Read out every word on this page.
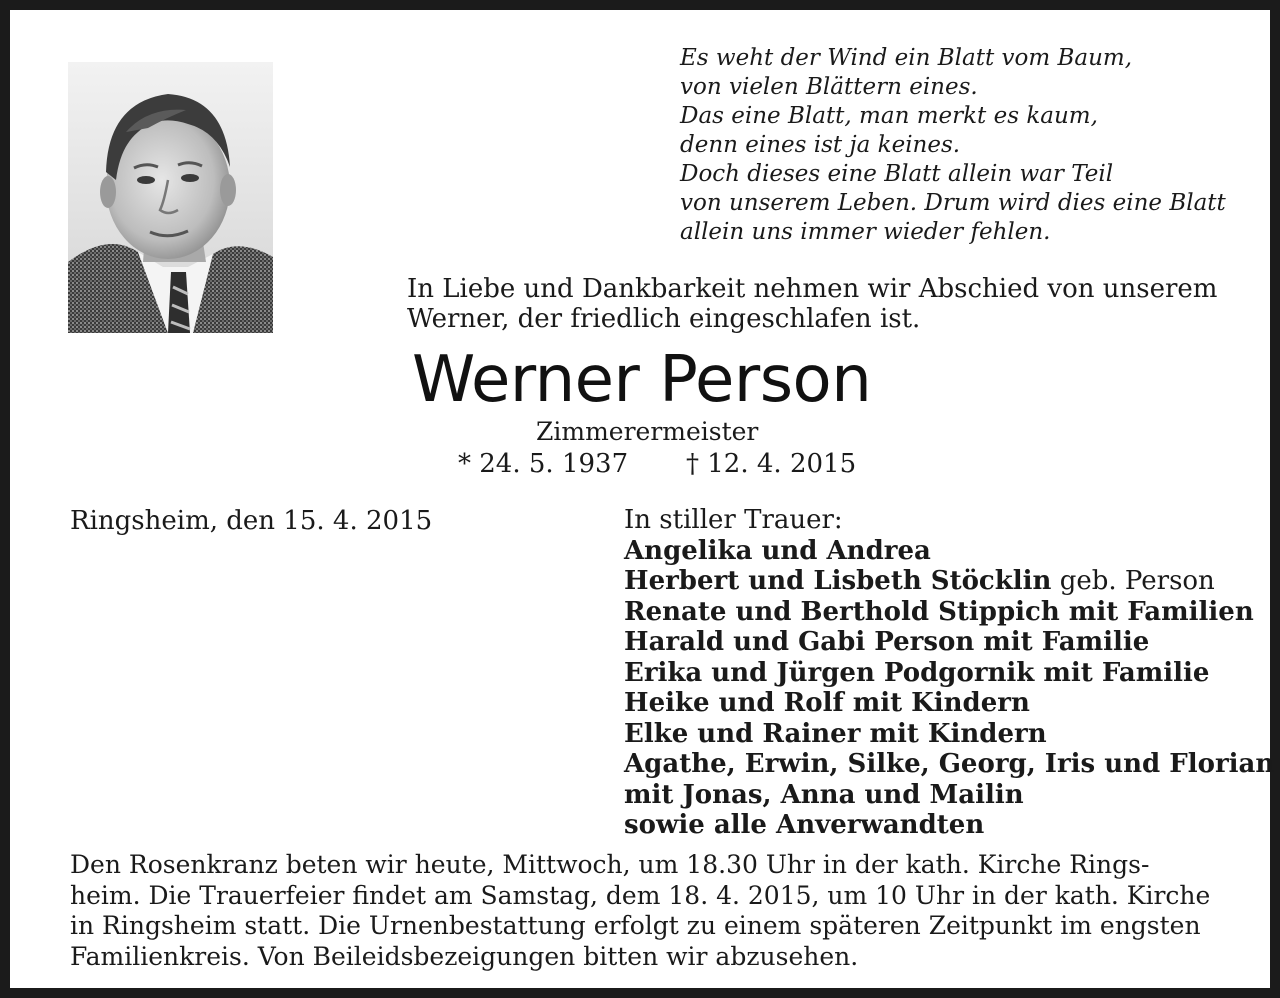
Es weht der Wind ein Blatt vom Baum,
von vielen Blättern eines.
Das eine Blatt, man merkt es kaum,
denn eines ist ja keines.
Doch dieses eine Blatt allein war Teil
von unserem Leben. Drum wird dies eine Blatt
allein uns immer wieder fehlen.
In Liebe und Dankbarkeit nehmen wir Abschied von unserem
Werner, der friedlich eingeschlafen ist.
Werner Person
Zimmerermeister
* 24. 5. 1937 † 12. 4. 2015
Ringsheim, den 15. 4. 2015	In stiller Trauer:
Angelika und Andrea
Herbert und Lisbeth Stöcklin geb. Person
Renate und Berthold Stippich mit Familien
Harald und Gabi Person mit Familie
Erika und Jürgen Podgornik mit Familie
Heike und Rolf mit Kindern
Elke und Rainer mit Kindern
Agathe, Erwin, Silke, Georg, Iris und Florian
mit Jonas, Anna und Mailin
sowie alle Anverwandten
Den Rosenkranz beten wir heute, Mittwoch, um 18.30 Uhr in der kath. Kirche Rings-
heim. Die Trauerfeier findet am Samstag, dem 18. 4. 2015, um 10 Uhr in der kath. Kirche
in Ringsheim statt. Die Urnenbestattung erfolgt zu einem späteren Zeitpunkt im engsten
Familienkreis. Von Beileidsbezeigungen bitten wir abzusehen.
